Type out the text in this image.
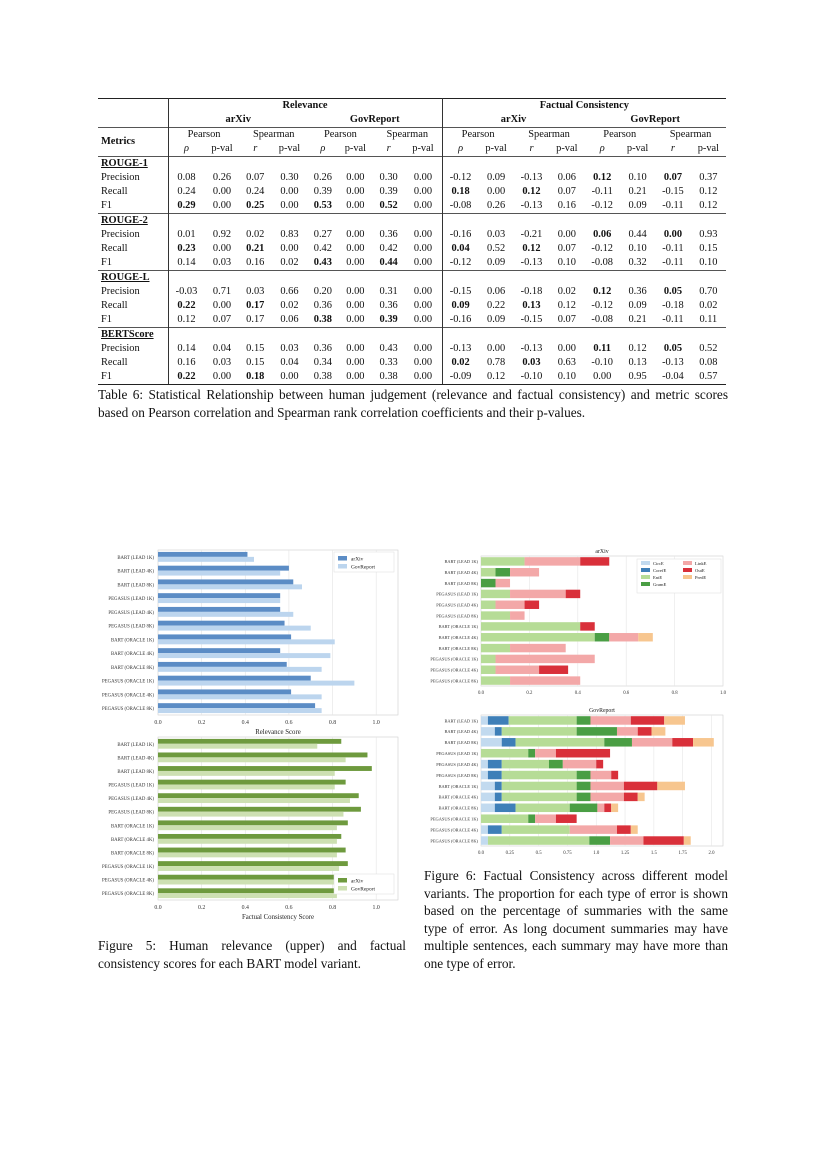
	Relevance								Factual Consistency							
	arXiv				GovReport				arXiv				GovReport			
Metrics	Pearson		Spearman		Pearson		Spearman		Pearson		Spearman		Pearson		Spearman	
	ρ	p-val	r	p-val	ρ	p-val	r	p-val	ρ	p-val	r	p-val	ρ	p-val	r	p-val
ROUGE-1																
Precision	0.08	0.26	0.07	0.30	0.26	0.00	0.30	0.00	-0.12	0.09	-0.13	0.06	0.12	0.10	0.07	0.37
Recall	0.24	0.00	0.24	0.00	0.39	0.00	0.39	0.00	0.18	0.00	0.12	0.07	-0.11	0.21	-0.15	0.12
F1	0.29	0.00	0.25	0.00	0.53	0.00	0.52	0.00	-0.08	0.26	-0.13	0.16	-0.12	0.09	-0.11	0.12
ROUGE-2																
Precision	0.01	0.92	0.02	0.83	0.27	0.00	0.36	0.00	-0.16	0.03	-0.21	0.00	0.06	0.44	0.00	0.93
Recall	0.23	0.00	0.21	0.00	0.42	0.00	0.42	0.00	0.04	0.52	0.12	0.07	-0.12	0.10	-0.11	0.15
F1	0.14	0.03	0.16	0.02	0.43	0.00	0.44	0.00	-0.12	0.09	-0.13	0.10	-0.08	0.32	-0.11	0.10
ROUGE-L																
Precision	-0.03	0.71	0.03	0.66	0.20	0.00	0.31	0.00	-0.15	0.06	-0.18	0.02	0.12	0.36	0.05	0.70
Recall	0.22	0.00	0.17	0.02	0.36	0.00	0.36	0.00	0.09	0.22	0.13	0.12	-0.12	0.09	-0.18	0.02
F1	0.12	0.07	0.17	0.06	0.38	0.00	0.39	0.00	-0.16	0.09	-0.15	0.07	-0.08	0.21	-0.11	0.11
BERTScore																
Precision	0.14	0.04	0.15	0.03	0.36	0.00	0.43	0.00	-0.13	0.00	-0.13	0.00	0.11	0.12	0.05	0.52
Recall	0.16	0.03	0.15	0.04	0.34	0.00	0.33	0.00	0.02	0.78	0.03	0.63	-0.10	0.13	-0.13	0.08
F1	0.22	0.00	0.18	0.00	0.38	0.00	0.38	0.00	-0.09	0.12	-0.10	0.10	0.00	0.95	-0.04	0.57
Table 6: Statistical Relationship between human judgement (relevance and factual consistency) and metric scores based on Pearson correlation and Spearman rank correlation coefficients and their p-values.
0.0	0.2	0.4	0.6	0.8	1.0
Relevance Score
BART (LEAD 1K)
BART (LEAD 4K)
BART (LEAD 8K)
PEGASUS (LEAD 1K)
PEGASUS (LEAD 4K)
PEGASUS (LEAD 8K)
BART (ORACLE 1K)
BART (ORACLE 4K)
BART (ORACLE 8K)
PEGASUS (ORACLE 1K)
PEGASUS (ORACLE 4K)
PEGASUS (ORACLE 8K)
arXiv
GovReport
0.0	0.2	0.4	0.6	0.8	1.0
Factual Consistency Score
BART (LEAD 1K)
BART (LEAD 4K)
BART (LEAD 8K)
PEGASUS (LEAD 1K)
PEGASUS (LEAD 4K)
PEGASUS (LEAD 8K)
BART (ORACLE 1K)
BART (ORACLE 4K)
BART (ORACLE 8K)
PEGASUS (ORACLE 1K)
PEGASUS (ORACLE 4K)
PEGASUS (ORACLE 8K)
arXiv
GovReport
Figure 5: Human relevance (upper) and factual consistency scores for each BART model variant.
arXiv
0.0	0.2	0.4	0.6	0.8	1.0
BART (LEAD 1K)
BART (LEAD 4K)
BART (LEAD 8K)
PEGASUS (LEAD 1K)
PEGASUS (LEAD 4K)
PEGASUS (LEAD 8K)
BART (ORACLE 1K)
BART (ORACLE 4K)
BART (ORACLE 8K)
PEGASUS (ORACLE 1K)
PEGASUS (ORACLE 4K)
PEGASUS (ORACLE 8K)
CircE
CorefE
EntE
GramE
LinkE
OutE
PredE
GovReport
0.0	0.25	0.5	0.75	1.0	1.25	1.5	1.75	2.0
BART (LEAD 1K)
BART (LEAD 4K)
BART (LEAD 8K)
PEGASUS (LEAD 1K)
PEGASUS (LEAD 4K)
PEGASUS (LEAD 8K)
BART (ORACLE 1K)
BART (ORACLE 4K)
BART (ORACLE 8K)
PEGASUS (ORACLE 1K)
PEGASUS (ORACLE 4K)
PEGASUS (ORACLE 8K)
Figure 6: Factual Consistency across different model variants. The proportion for each type of error is shown based on the percentage of summaries with the same type of error. As long document summaries may have multiple sentences, each summary may have more than one type of error.
